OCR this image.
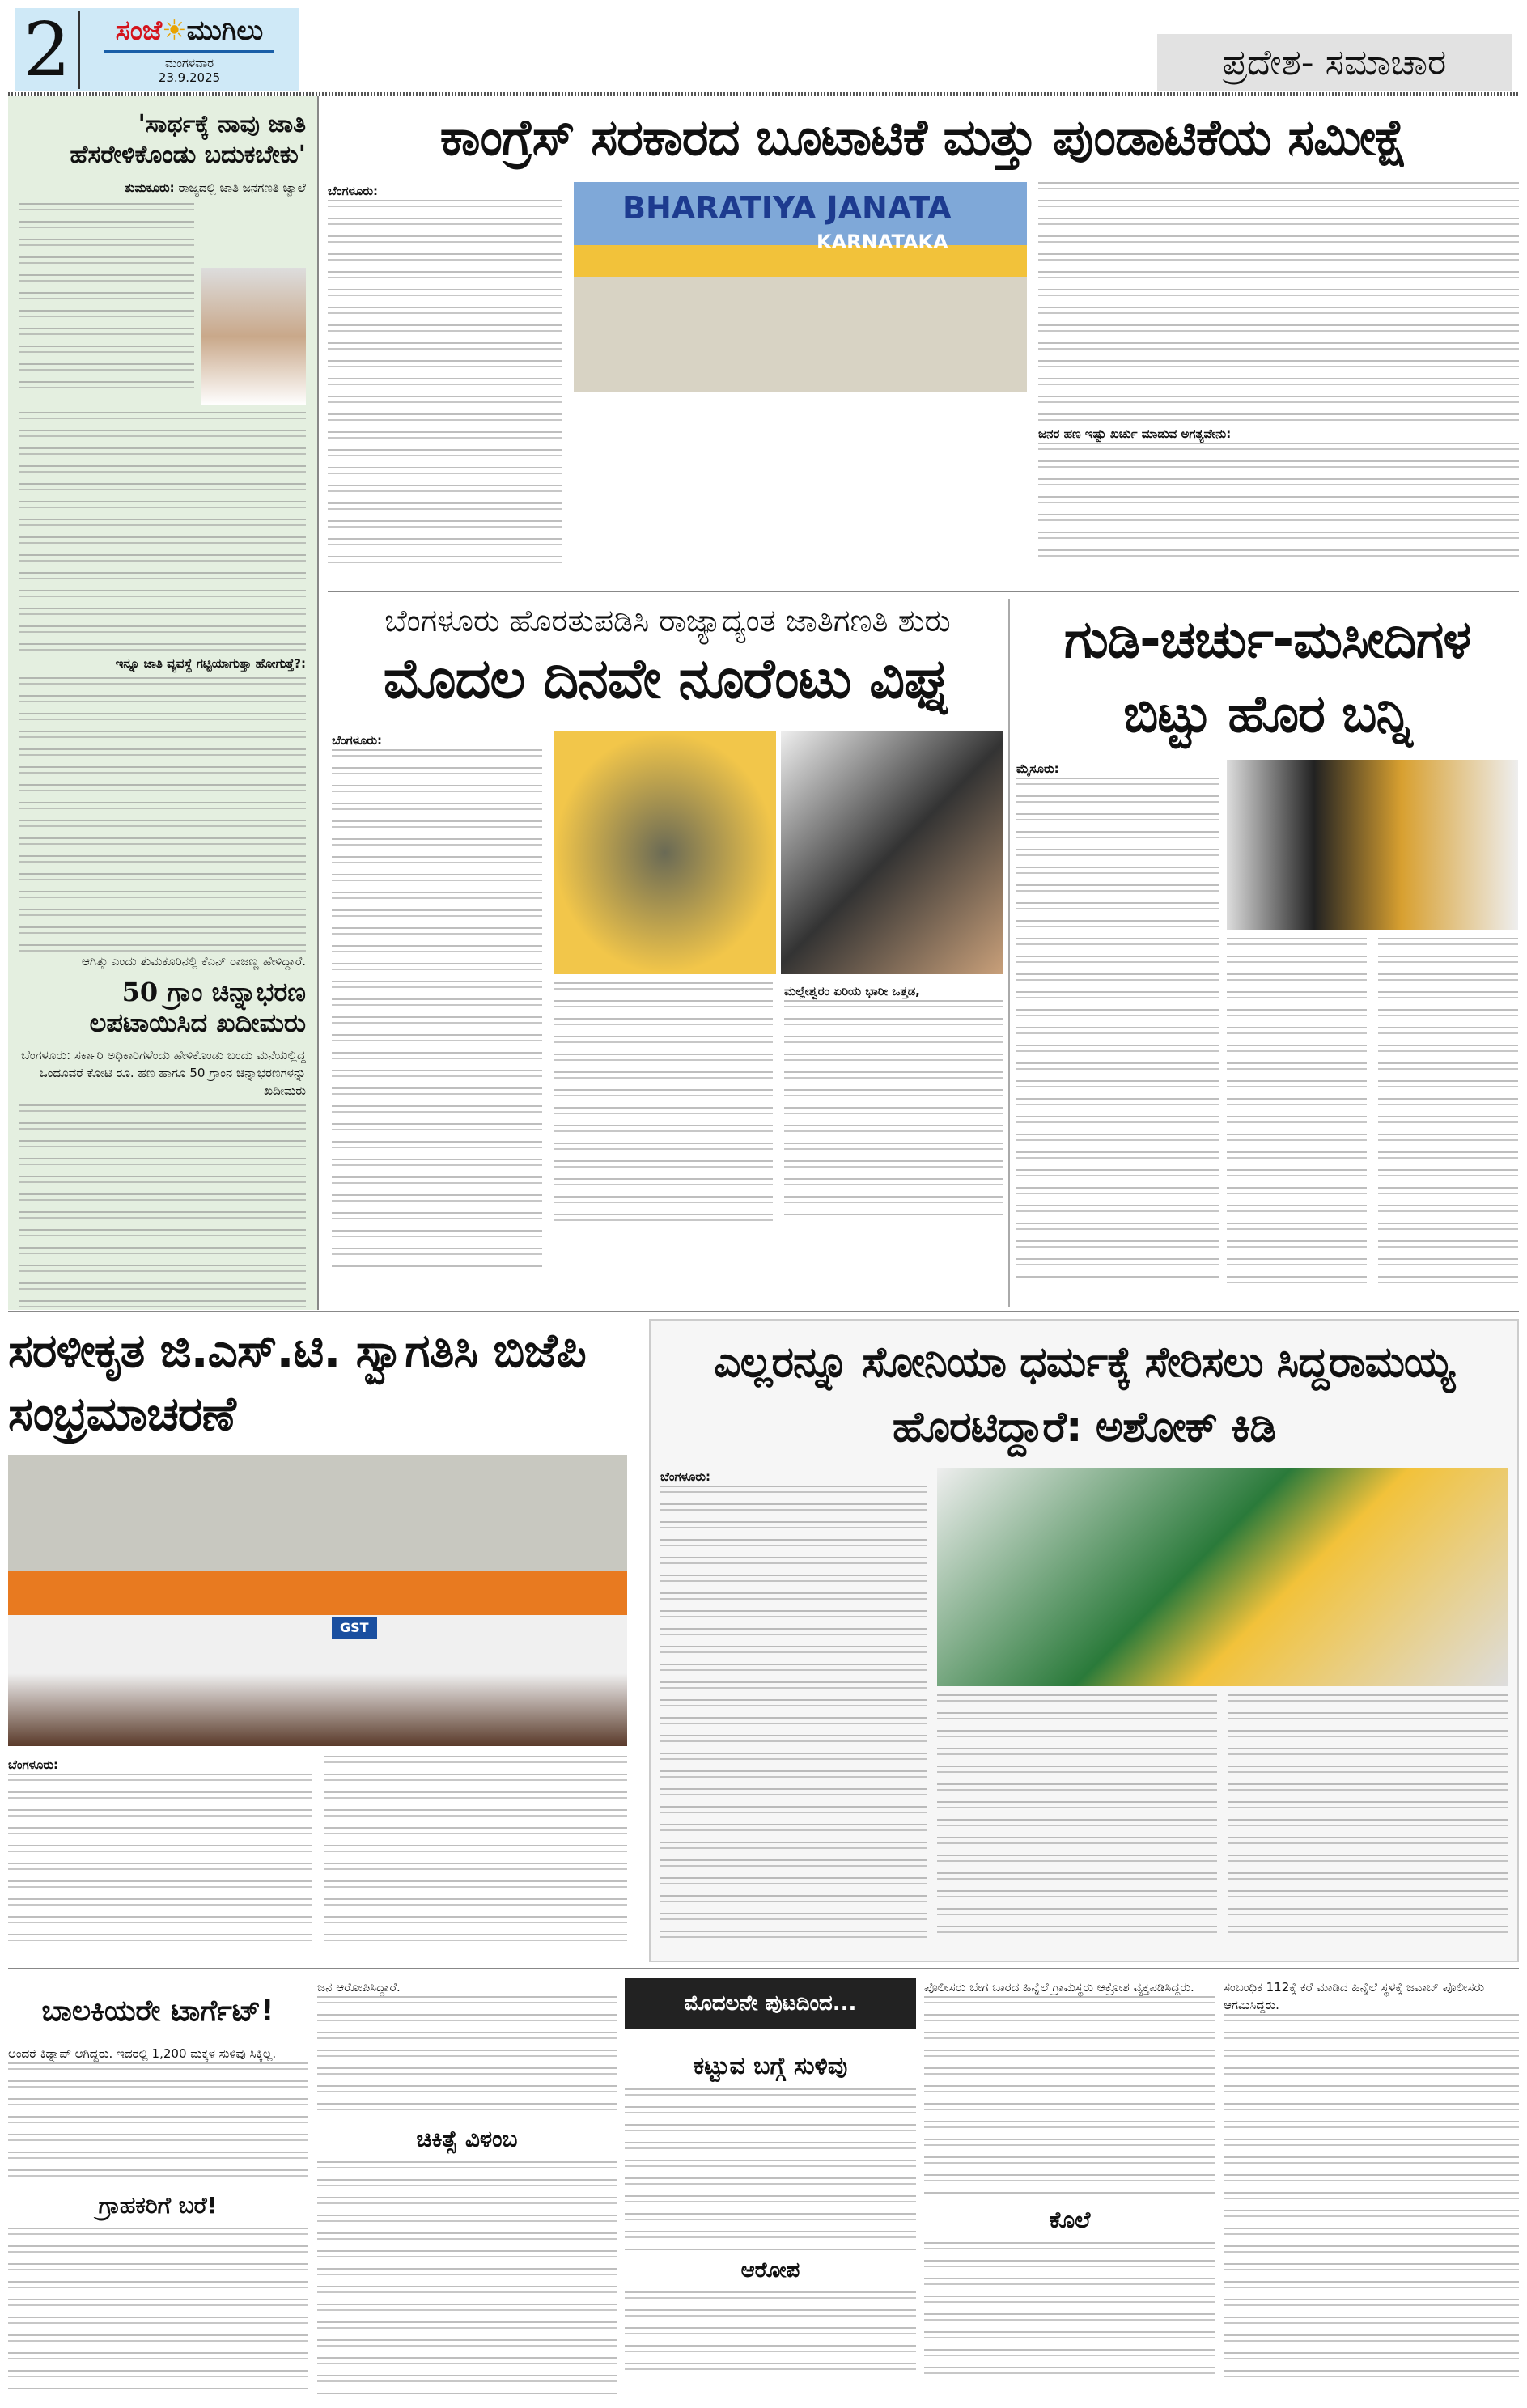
2	ಸಂಜೆ☀ಮುಗಿಲು
ಮಂಗಳವಾರ
23.9.2025	ಪ್ರದೇಶ- ಸಮಾಚಾರ
'ಸಾರ್ಥಕ್ಕೆ ನಾವು ಜಾತಿ ಹೆಸರೇಳಿಕೊಂಡು ಬದುಕಬೇಕು'
ತುಮಕೂರು: ರಾಜ್ಯದಲ್ಲಿ ಜಾತಿ ಜನಗಣತಿ ಜ್ವಾಲೆ
ಇನ್ನೂ ಜಾತಿ ವ್ಯವಸ್ಥೆ ಗಟ್ಟಿಯಾಗುತ್ತಾ ಹೋಗುತ್ತೆ?:
ಆಗಿತ್ತು ಎಂದು ತುಮಕೂರಿನಲ್ಲಿ ಕೆಎನ್ ರಾಜಣ್ಣ ಹೇಳಿದ್ದಾರೆ.
50 ಗ್ರಾಂ ಚಿನ್ನಾಭರಣ ಲಪಟಾಯಿಸಿದ ಖದೀಮರು
ಬೆಂಗಳೂರು: ಸರ್ಕಾರಿ ಅಧಿಕಾರಿಗಳೆಂದು ಹೇಳಿಕೊಂಡು ಬಂದು ಮನೆಯಲ್ಲಿದ್ದ ಒಂದೂವರೆ ಕೋಟಿ ರೂ. ಹಣ ಹಾಗೂ 50 ಗ್ರಾಂನ ಚಿನ್ನಾಭರಣಗಳನ್ನು ಖದೀಮರು
ಕಾಂಗ್ರೆಸ್ ಸರಕಾರದ ಬೂಟಾಟಿಕೆ ಮತ್ತು ಪುಂಡಾಟಿಕೆಯ ಸಮೀಕ್ಷೆ
ಬೆಂಗಳೂರು:	BHARATIYA JANATA
KARNATAKA
ಜನರ ಹಣ ಇಷ್ಟು ಖರ್ಚು ಮಾಡುವ ಅಗತ್ಯವೇನು:
ಬೆಂಗಳೂರು ಹೊರತುಪಡಿಸಿ ರಾಜ್ಯಾದ್ಯಂತ ಜಾತಿಗಣತಿ ಶುರು
ಮೊದಲ ದಿನವೇ ನೂರೆಂಟು ವಿಘ್ನ
ಬೆಂಗಳೂರು:
ಮಲ್ಲೇಶ್ವರಂ ಏರಿಯ ಭಾರೀ ಒತ್ತಡ,
ಗುಡಿ-ಚರ್ಚು-ಮಸೀದಿಗಳ ಬಿಟ್ಟು ಹೊರ ಬನ್ನಿ
ಮೈಸೂರು:
ಸರಳೀಕೃತ ಜಿ.ಎಸ್.ಟಿ. ಸ್ವಾಗತಿಸಿ ಬಿಜೆಪಿ ಸಂಭ್ರಮಾಚರಣೆ
GST
ಬೆಂಗಳೂರು:
ಎಲ್ಲರನ್ನೂ ಸೋನಿಯಾ ಧರ್ಮಕ್ಕೆ ಸೇರಿಸಲು ಸಿದ್ದರಾಮಯ್ಯ ಹೊರಟಿದ್ದಾರೆ: ಅಶೋಕ್ ಕಿಡಿ
ಬೆಂಗಳೂರು:
ಬಾಲಕಿಯರೇ ಟಾರ್ಗೆಟ್!
ಅಂದರೆ ಕಿಡ್ನಾಪ್ ಆಗಿದ್ದರು. ಇದರಲ್ಲಿ 1,200 ಮಕ್ಕಳ ಸುಳಿವು ಸಿಕ್ಕಿಲ್ಲ.
ಗ್ರಾಹಕರಿಗೆ ಬರೆ!
ಜನ ಆರೋಪಿಸಿದ್ದಾರೆ.
ಚಿಕಿತ್ಸೆ ವಿಳಂಬ
ಮೊದಲನೇ ಪುಟದಿಂದ...
ಕಟ್ಟುವ ಬಗ್ಗೆ ಸುಳಿವು
ಆರೋಪ
ಪೊಲೀಸರು ಬೇಗ ಬಾರದ ಹಿನ್ನೆಲೆ ಗ್ರಾಮಸ್ಥರು ಆಕ್ರೋಶ ವ್ಯಕ್ತಪಡಿಸಿದ್ದರು.
ಕೊಲೆ
ಸಂಬಂಧಿಕ 112ಕ್ಕೆ ಕರೆ ಮಾಡಿದ ಹಿನ್ನೆಲೆ ಸ್ಥಳಕ್ಕೆ ಜವಾಬ್ ಪೊಲೀಸರು ಆಗಮಿಸಿದ್ದರು.
